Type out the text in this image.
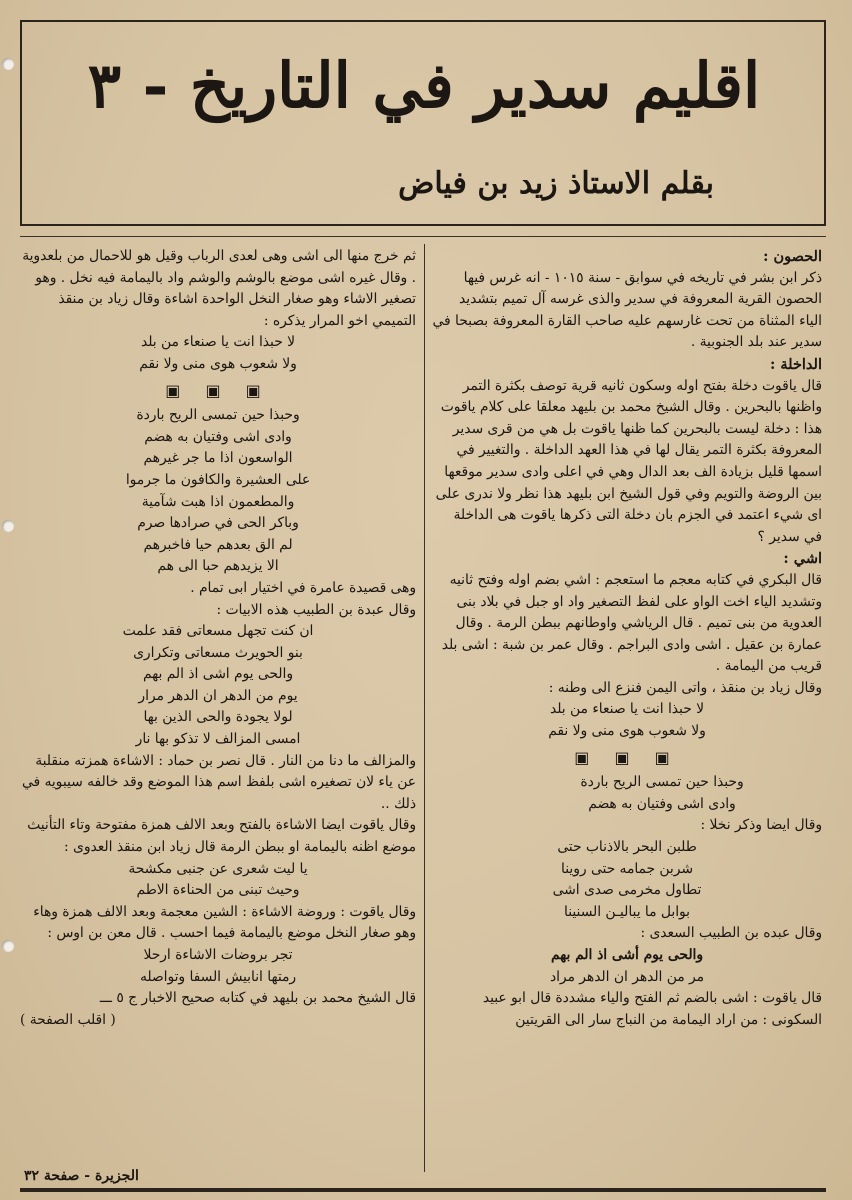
اقليم سدير في التاريخ - ٣
بقلم الاستاذ زيد بن فياض

الحصون :

ذكر ابن بشر في تاريخه في سوابق - سنة ١٠١٥ - انه غرس فيها الحصون القرية المعروفة في سدير والذى غرسه آل تميم بتشديد الياء المثناة من تحت غارسهم عليه صاحب القارة المعروفة بصبحا في سدير عند بلد الجنوبية .

الداخلة :

قال ياقوت دخلة بفتح اوله وسكون ثانيه قرية توصف بكثرة التمر واظنها بالبحرين . وقال الشيخ محمد بن بليهد معلقا على كلام ياقوت هذا : دخلة ليست بالبحرين كما ظنها ياقوت بل هي من قرى سدير المعروفة بكثرة التمر يقال لها في هذا العهد الداخلة . والتغيير في اسمها قليل بزيادة الف بعد الدال وهي في اعلى وادى سدير موقعها بين الروضة والتويم وفي قول الشيخ ابن بليهد هذا نظر ولا ندرى على اى شيء اعتمد في الجزم بان دخلة التى ذكرها ياقوت هى الداخلة في سدير ؟

اشي :

قال البكري في كتابه معجم ما استعجم : اشي بضم اوله وفتح ثانيه وتشديد الياء اخت الواو على لفظ التصغير واد او جبل في بلاد بنى العدوية من بنى تميم . قال الرياشي واوطانهم ببطن الرمة . وقال عمارة بن عقيل . اشى وادى البراجم . وقال عمر بن شبة : اشى بلد قريب من اليمامة .

وقال زياد بن منقذ ، واتى اليمن فنزع الى وطنه :

لا حبذا انت يا صنعاء من بلد

ولا شعوب هوى منى ولا نقم

▣ ▣ ▣

وحبذا حين تمسى الريح باردة

وادى اشى وفتيان به هضم

وقال ايضا وذكر نخلا :

طلبن البحر بالاذناب حتى

شربن جمامه حتى روينا

تطاول مخرمى صدى اشى

بوابل ما يباليـن السنينا

وقال عبده بن الطبيب السعدى :

والحى يوم أشى اذ الم بهم

مر من الدهر ان الدهر مراد

قال ياقوت : اشى بالضم ثم الفتح والياء مشددة قال ابو عبيد السكونى : من اراد اليمامة من النباج سار الى القريتين

ثم خرج منها الى اشى وهى لعدى الرباب وقيل هو للاحمال من بلعدوية . وقال غيره اشى موضع بالوشم والوشم واد باليمامة فيه نخل . وهو تصغير الاشاء وهو صغار النخل الواحدة اشاءة وقال زياد بن منقذ التميمي اخو المرار يذكره :

لا حبذا انت يا صنعاء من بلد

ولا شعوب هوى منى ولا نقم

▣ ▣ ▣

وحبذا حين تمسى الريح باردة

وادى اشى وفتيان به هضم

الواسعون اذا ما جر غيرهم

على العشيرة والكافون ما جرموا

والمطعمون اذا هبت شآمية

وباكر الحى في صرادها صرم

لم الق بعدهم حيا فاخبرهم

الا يزيدهم حبا الى هم

وهى قصيدة عامرة في اختيار ابى تمام .

وقال عبدة بن الطبيب هذه الابيات :

ان كنت تجهل مسعاتى فقد علمت

بنو الحويرث مسعاتى وتكرارى

والحى يوم اشى اذ الم بهم

يوم من الدهر ان الدهر مرار

لولا يجودة والحى الذين بها

امسى المزالف لا تذكو بها نار

والمزالف ما دنا من النار . قال نصر بن حماد : الاشاءة همزته منقلبة عن ياء لان تصغيره اشى بلفظ اسم هذا الموضع وقد خالفه سيبويه في ذلك ..

وقال ياقوت ايضا الاشاءة بالفتح وبعد الالف همزة مفتوحة وتاء التأنيث موضع اظنه باليمامة او ببطن الرمة قال زياد ابن منقذ العدوى :

يا ليت شعرى عن جنبى مكشحة

وحيث تبنى من الحناءة الاطم

وقال ياقوت : وروضة الاشاءة : الشين معجمة وبعد الالف همزة وهاء وهو صغار النخل موضع باليمامة فيما احسب . قال معن بن اوس :

تجر بروضات الاشاءة ارحلا

رمتها انابيش السفا وتواصله

قال الشيخ محمد بن بليهد في كتابه صحيح الاخبار ج ٥ ـــ

( اقلب الصفحة )

الجزيرة - صفحة ٣٢
